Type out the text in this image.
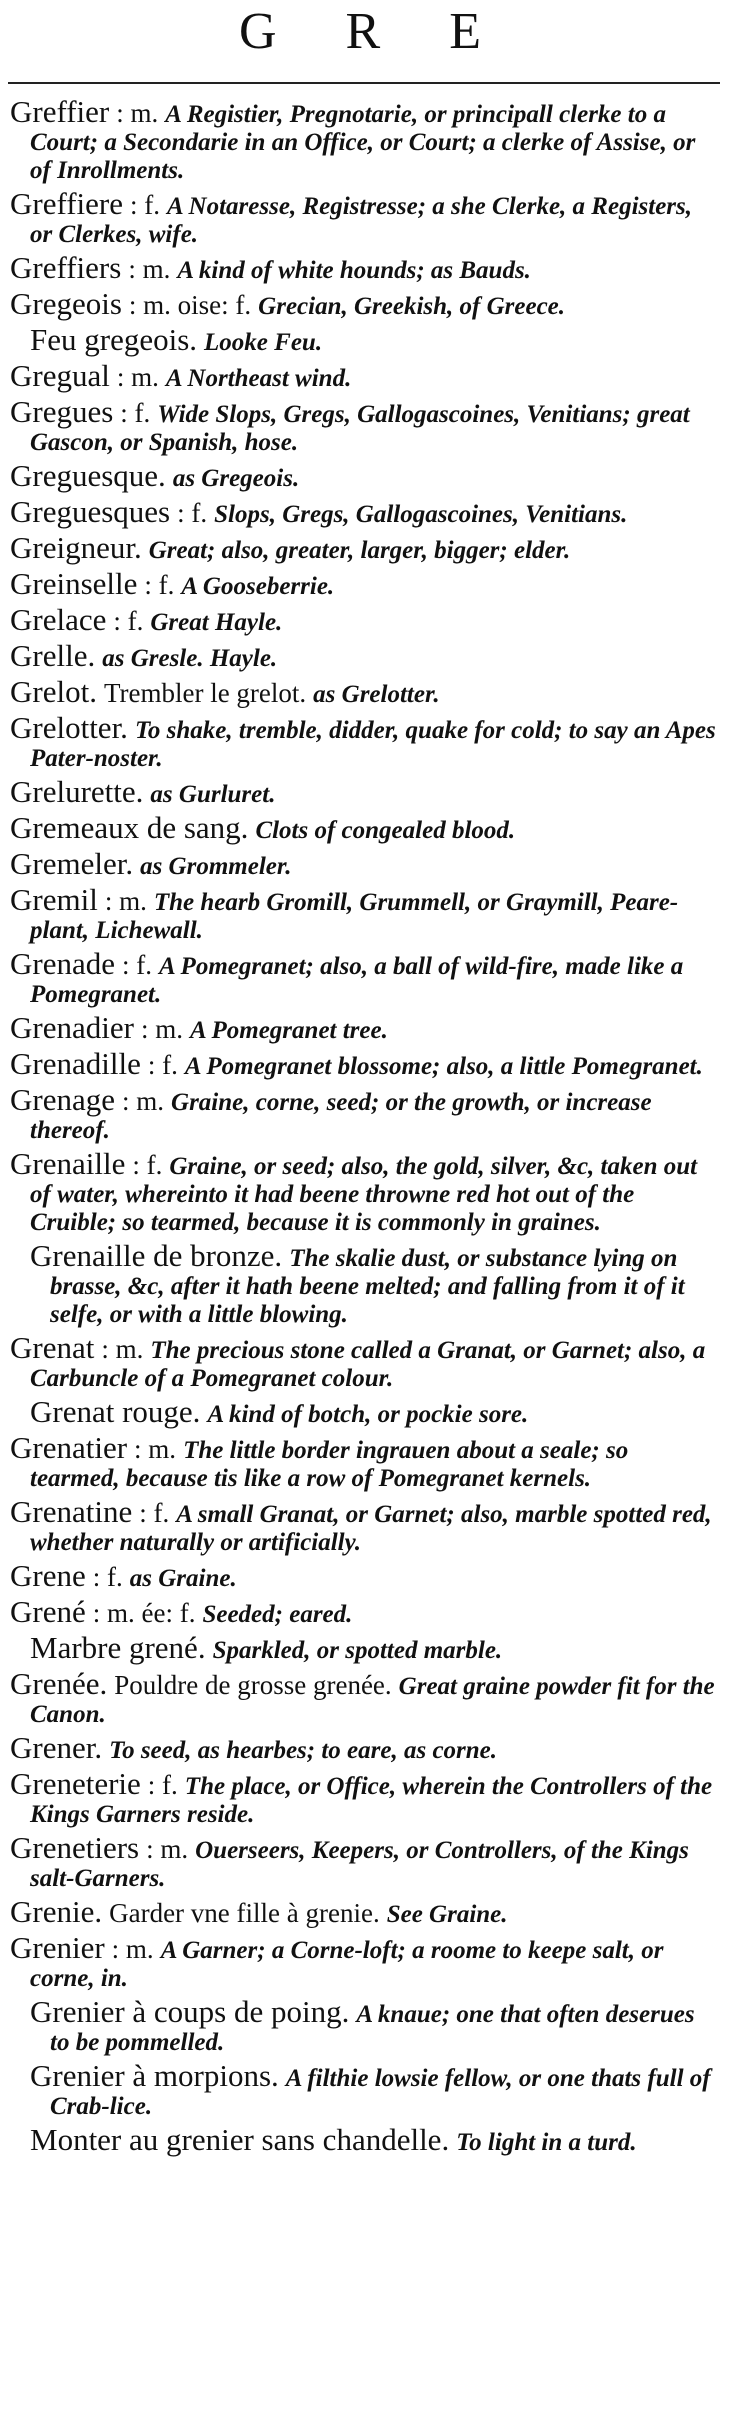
G R E
Greffier : m. A Registier, Pregnotarie, or principall clerke to a Court; a Secondarie in an Office, or Court; a clerke of Assise, or of Inrollments.
Greffiere : f. A Notaresse, Registresse; a she Clerke, a Registers, or Clerkes, wife.
Greffiers : m. A kind of white hounds; as Bauds.
Gregeois : m. oise: f. Grecian, Greekish, of Greece.
Feu gregeois. Looke Feu.
Gregual : m. A Northeast wind.
Gregues : f. Wide Slops, Gregs, Gallogascoines, Venitians; great Gascon, or Spanish, hose.
Greguesque. as Gregeois.
Greguesques : f. Slops, Gregs, Gallogascoines, Venitians.
Greigneur. Great; also, greater, larger, bigger; elder.
Greinselle : f. A Gooseberrie.
Grelace : f. Great Hayle.
Grelle. as Gresle. Hayle.
Grelot. Trembler le grelot. as Grelotter.
Grelotter. To shake, tremble, didder, quake for cold; to say an Apes Pater-noster.
Grelurette. as Gurluret.
Gremeaux de sang. Clots of congealed blood.
Gremeler. as Grommeler.
Gremil : m. The hearb Gromill, Grummell, or Graymill, Peare-plant, Lichewall.
Grenade : f. A Pomegranet; also, a ball of wild-fire, made like a Pomegranet.
Grenadier : m. A Pomegranet tree.
Grenadille : f. A Pomegranet blossome; also, a little Pomegranet.
Grenage : m. Graine, corne, seed; or the growth, or increase thereof.
Grenaille : f. Graine, or seed; also, the gold, silver, &c, taken out of water, whereinto it had beene throwne red hot out of the Cruible; so tearmed, because it is commonly in graines.
Grenaille de bronze. The skalie dust, or substance lying on brasse, &c, after it hath beene melted; and falling from it of it selfe, or with a little blowing.
Grenat : m. The precious stone called a Granat, or Garnet; also, a Carbuncle of a Pomegranet colour.
Grenat rouge. A kind of botch, or pockie sore.
Grenatier : m. The little border ingrauen about a seale; so tearmed, because tis like a row of Pomegranet kernels.
Grenatine : f. A small Granat, or Garnet; also, marble spotted red, whether naturally or artificially.
Grene : f. as Graine.
Grené : m. ée: f. Seeded; eared.
Marbre grené. Sparkled, or spotted marble.
Grenée. Pouldre de grosse grenée. Great graine powder fit for the Canon.
Grener. To seed, as hearbes; to eare, as corne.
Greneterie : f. The place, or Office, wherein the Controllers of the Kings Garners reside.
Grenetiers : m. Ouerseers, Keepers, or Controllers, of the Kings salt-Garners.
Grenie. Garder vne fille à grenie. See Graine.
Grenier : m. A Garner; a Corne-loft; a roome to keepe salt, or corne, in.
Grenier à coups de poing. A knaue; one that often deserues to be pommelled.
Grenier à morpions. A filthie lowsie fellow, or one thats full of Crab-lice.
Monter au grenier sans chandelle. To light in a turd.
